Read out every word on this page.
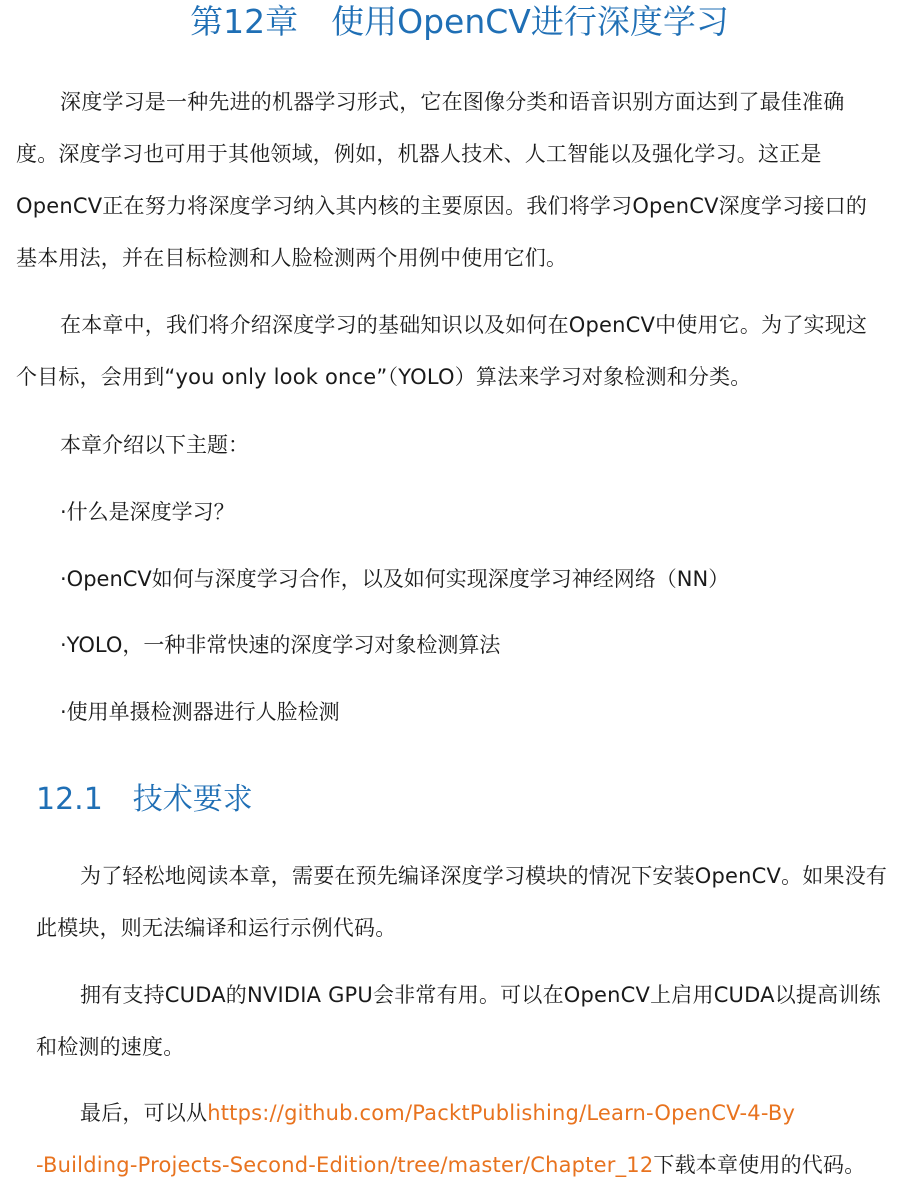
第12章　使用OpenCV进行深度学习

深度学习是一种先进的机器学习形式，它在图像分类和语音识别方面达到了最佳准确度。深度学习也可用于其他领域，例如，机器人技术、人工智能以及强化学习。这正是OpenCV正在努力将深度学习纳入其内核的主要原因。我们将学习OpenCV深度学习接口的基本用法，并在目标检测和人脸检测两个用例中使用它们。

在本章中，我们将介绍深度学习的基础知识以及如何在OpenCV中使用它。为了实现这个目标，会用到“you only look once”（YOLO）算法来学习对象检测和分类。

本章介绍以下主题：

·什么是深度学习？

·OpenCV如何与深度学习合作，以及如何实现深度学习神经网络（NN）

·YOLO，一种非常快速的深度学习对象检测算法

·使用单摄检测器进行人脸检测

12.1　技术要求

为了轻松地阅读本章，需要在预先编译深度学习模块的情况下安装OpenCV。如果没有此模块，则无法编译和运行示例代码。

拥有支持CUDA的NVIDIA GPU会非常有用。可以在OpenCV上启用CUDA以提高训练和检测的速度。

最后，可以从https://github.com/PacktPublishing/Learn-OpenCV-4-By
-Building-Projects-Second-Edition/tree/master/Chapter_12下载本章使用的代码。
